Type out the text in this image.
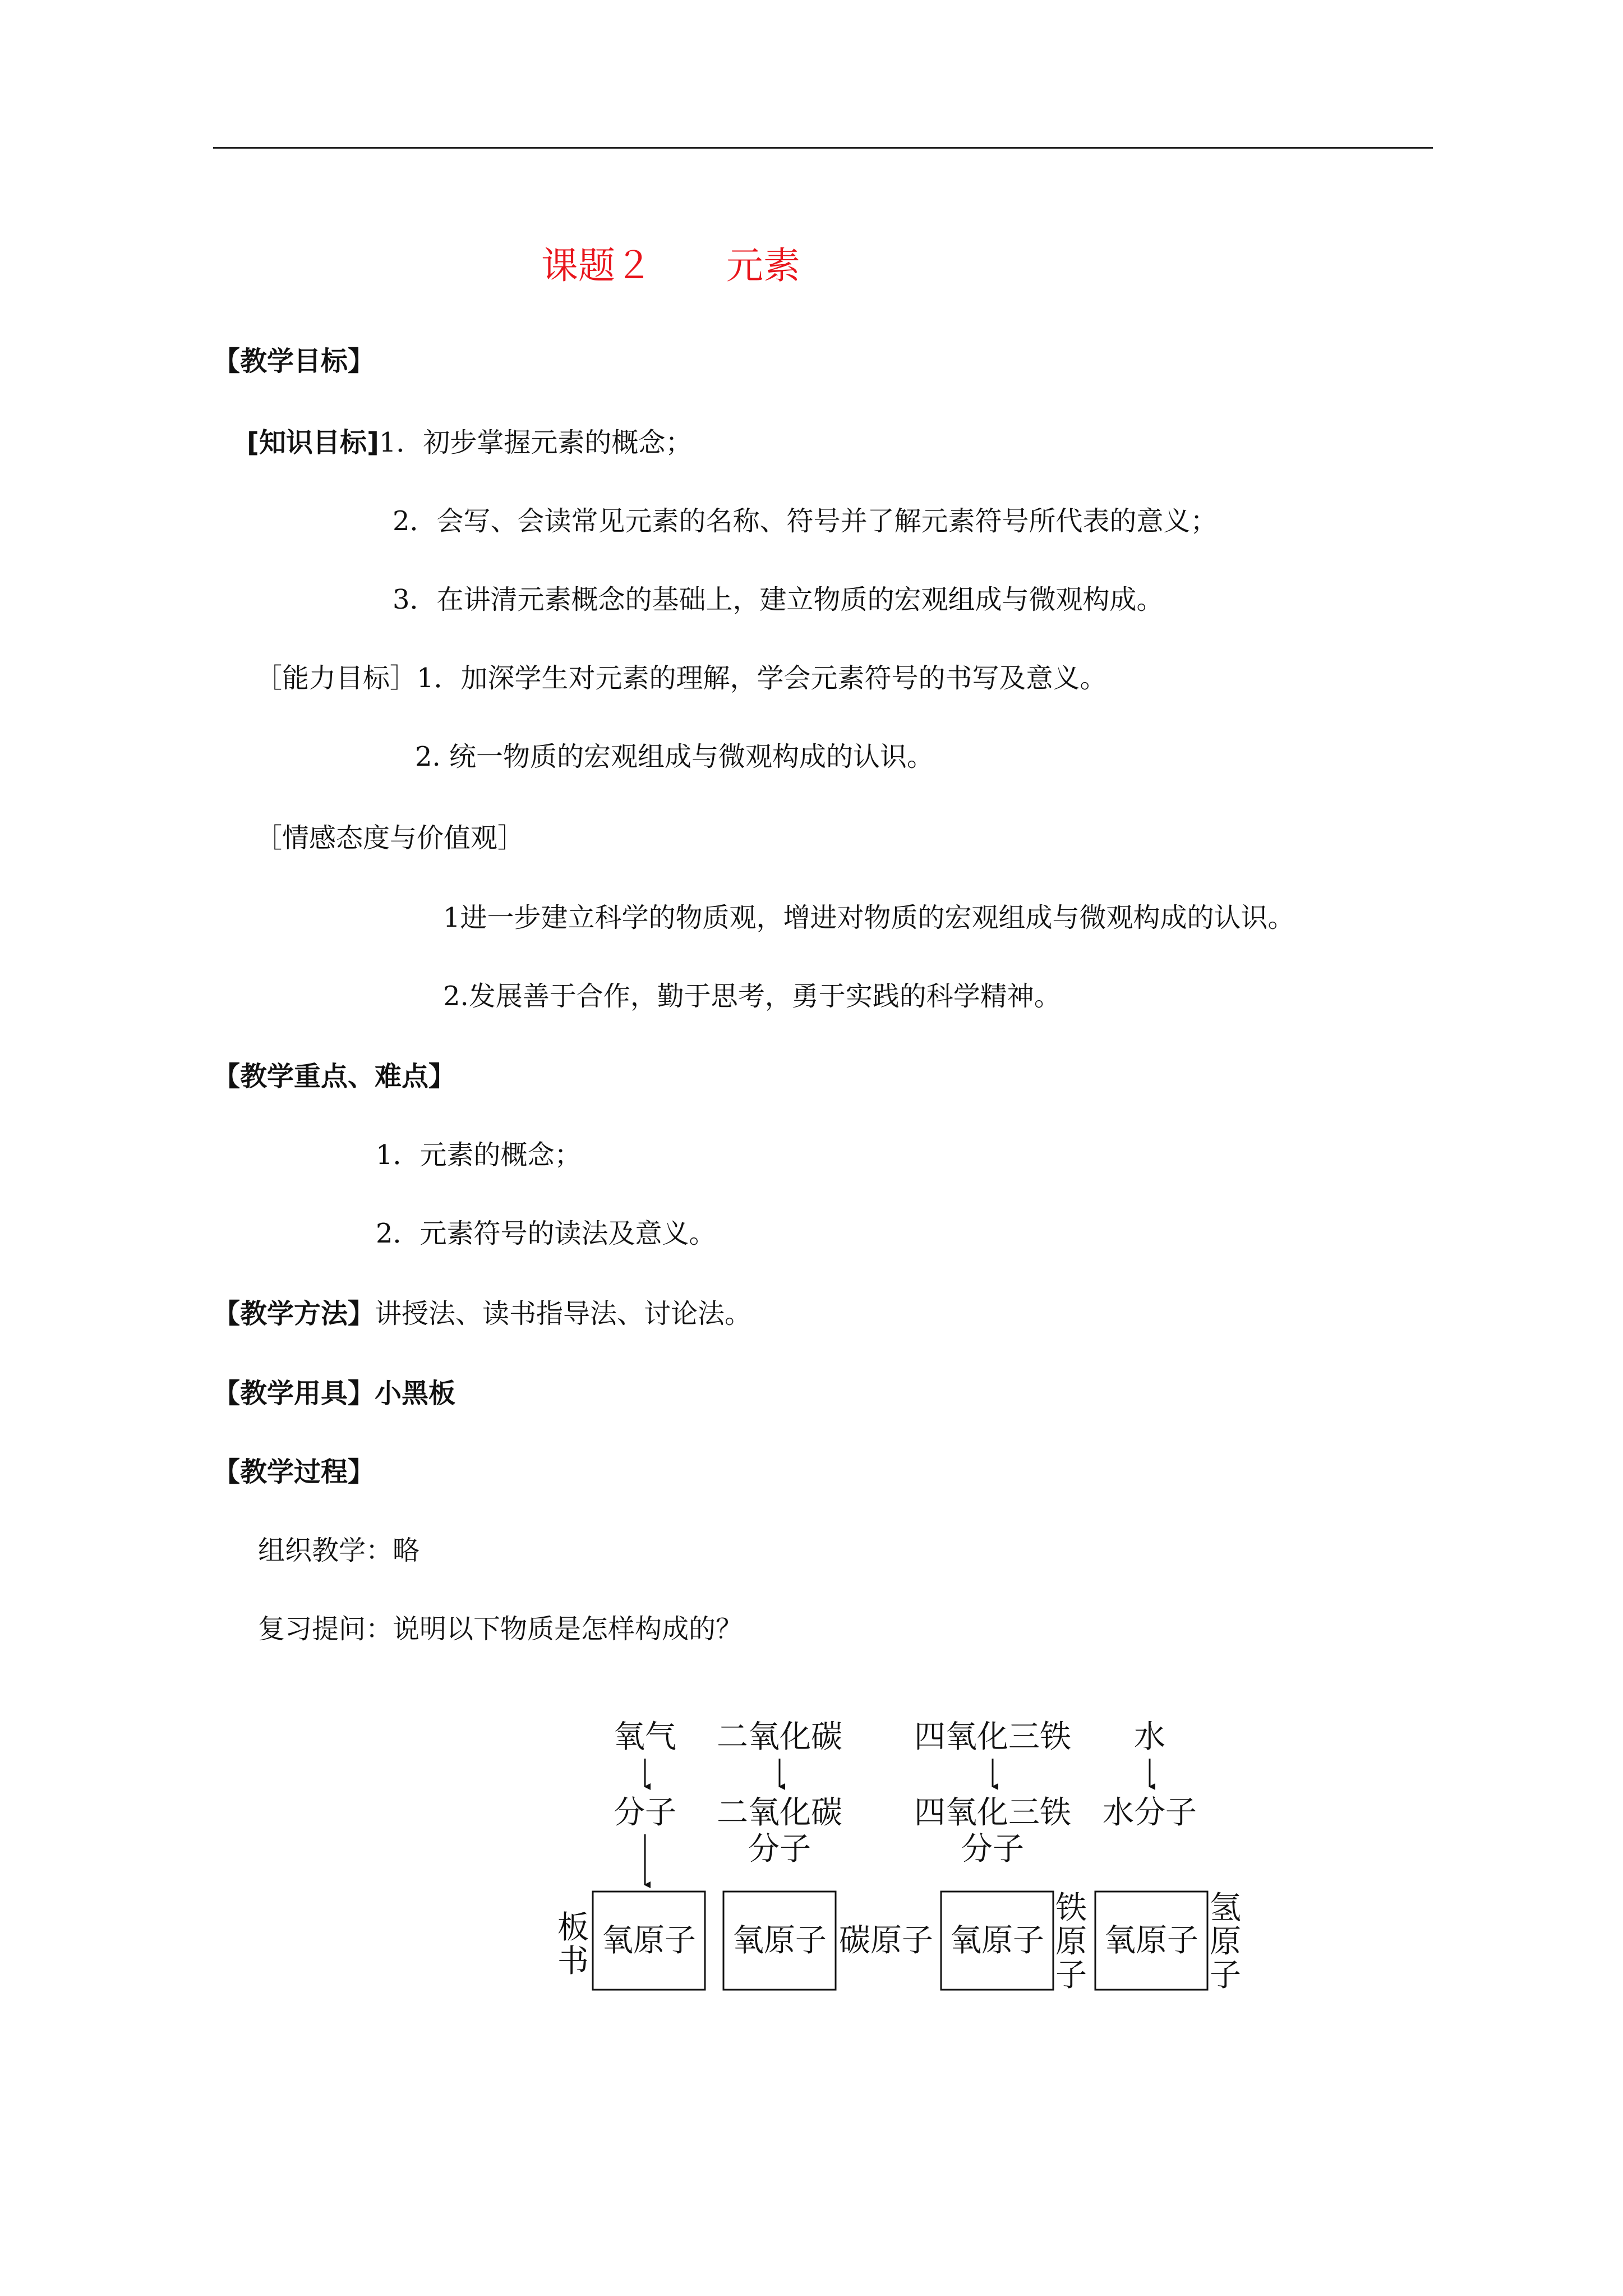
课题２　　元素
【教学目标】
[知识目标]1．初步掌握元素的概念；
2．会写、会读常见元素的名称、符号并了解元素符号所代表的意义；
3．在讲清元素概念的基础上，建立物质的宏观组成与微观构成。
［能力目标］1．加深学生对元素的理解，学会元素符号的书写及意义。
2. 统一物质的宏观组成与微观构成的认识。
［情感态度与价值观］
1进一步建立科学的物质观，增进对物质的宏观组成与微观构成的认识。
2.发展善于合作，勤于思考，勇于实践的科学精神。
【教学重点、难点】
1．元素的概念；
2．元素符号的读法及意义。
【教学方法】讲授法、读书指导法、讨论法。
【教学用具】小黑板
【教学过程】
组织教学：略
复习提问：说明以下物质是怎样构成的？
氧气 二氧化碳 四氧化三铁 水
分子 二氧化碳
分子
四氧化三铁
分子
水分子
板
书
氧原子 氧原子 碳原子 氧原子
铁
原
子
氧原子
氢
原
子
